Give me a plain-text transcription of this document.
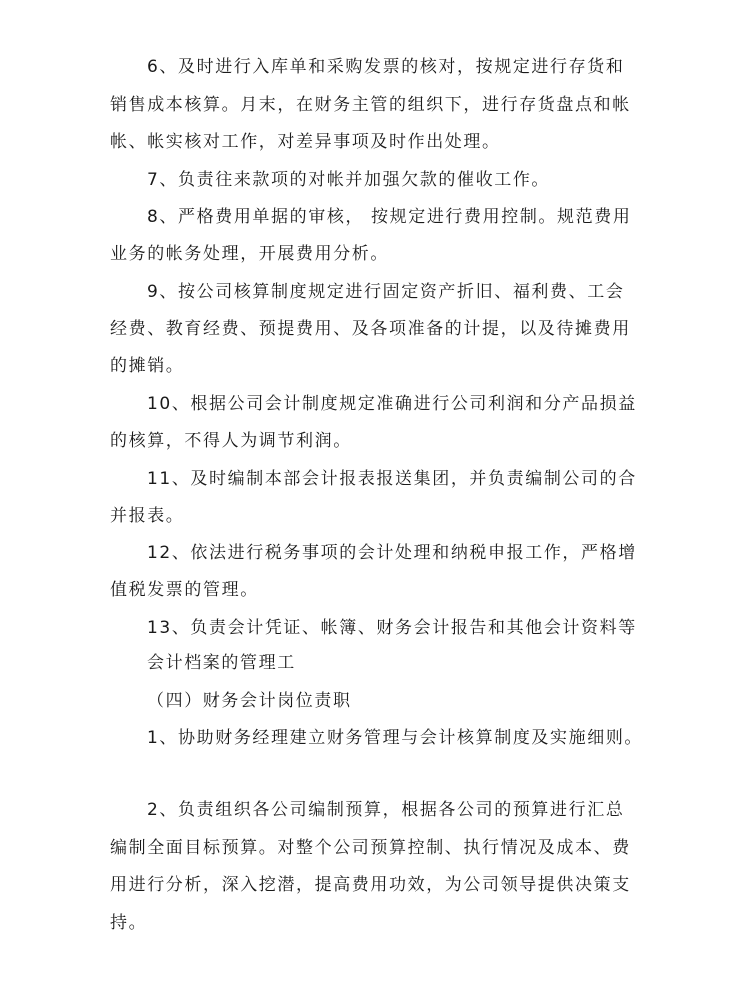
6、及时进行入库单和采购发票的核对，按规定进行存货和
销售成本核算。月末，在财务主管的组织下，进行存货盘点和帐
帐、帐实核对工作，对差异事项及时作出处理。
7、负责往来款项的对帐并加强欠款的催收工作。
8、严格费用单据的审核， 按规定进行费用控制。规范费用
业务的帐务处理，开展费用分析。
9、按公司核算制度规定进行固定资产折旧、福利费、工会
经费、教育经费、预提费用、及各项准备的计提，以及待摊费用
的摊销。
10、根据公司会计制度规定准确进行公司利润和分产品损益
的核算，不得人为调节利润。
11、及时编制本部会计报表报送集团，并负责编制公司的合
并报表。
12、依法进行税务事项的会计处理和纳税申报工作，严格增
值税发票的管理。
13、负责会计凭证、帐簿、财务会计报告和其他会计资料等
会计档案的管理工
（四）财务会计岗位责职
1、协助财务经理建立财务管理与会计核算制度及实施细则。
2、负责组织各公司编制预算，根据各公司的预算进行汇总
编制全面目标预算。对整个公司预算控制、执行情况及成本、费
用进行分析，深入挖潜，提高费用功效，为公司领导提供决策支
持。
